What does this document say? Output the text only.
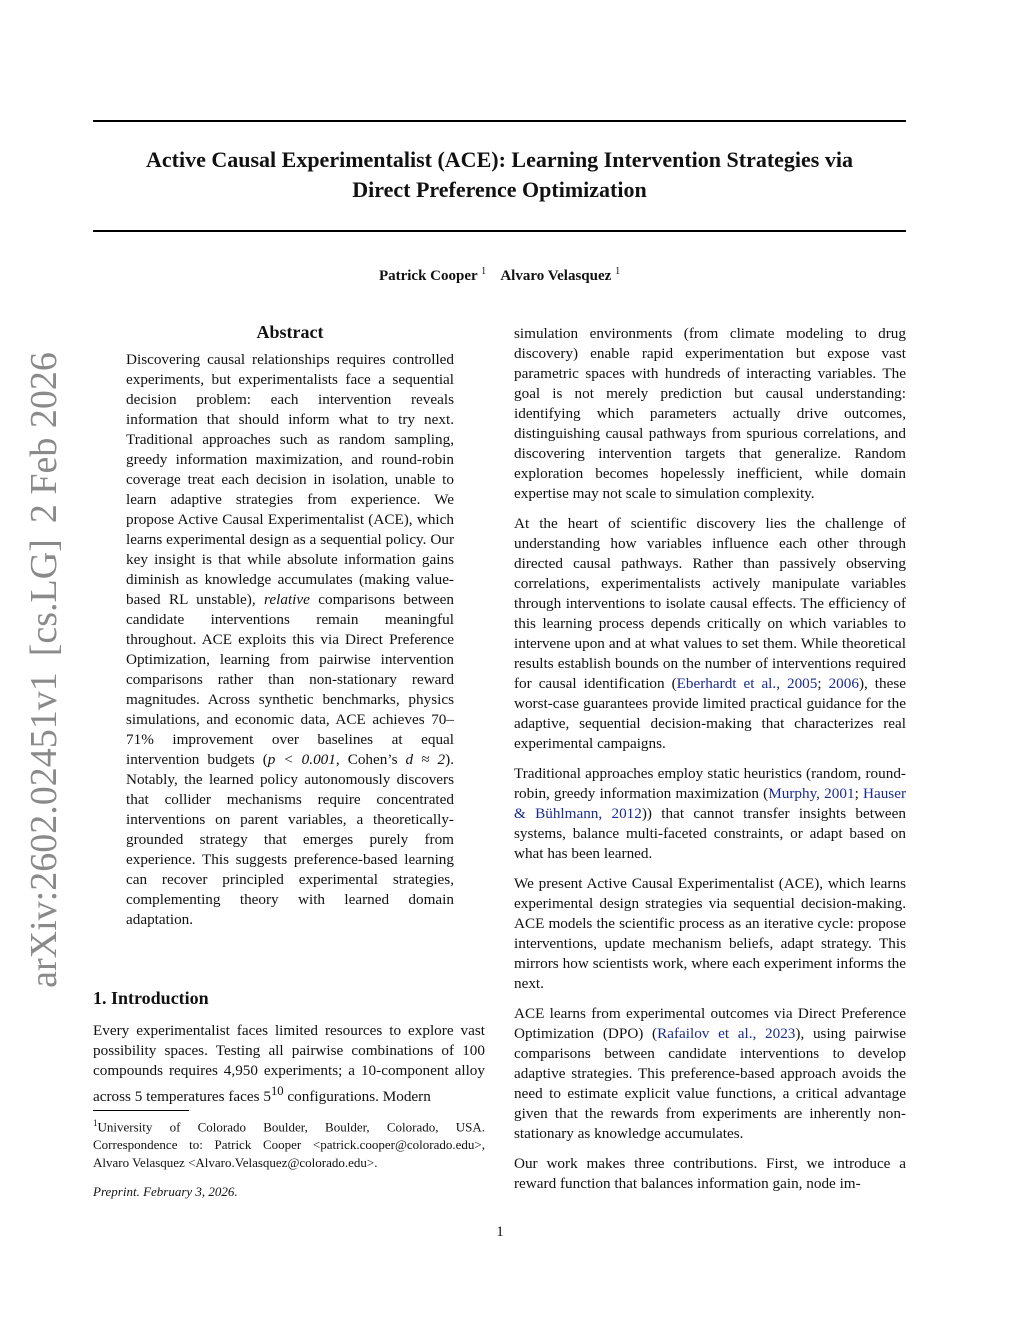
Active Causal Experimentalist (ACE): Learning Intervention Strategies via
Direct Preference Optimization
Patrick Cooper $^1$ Alvaro Velasquez $^1$
arXiv:2602.02451v1
[cs.LG]
2 Feb 2026
Abstract

Discovering causal relationships requires controlled experiments, but experimentalists face a sequential decision problem: each intervention reveals information that should inform what to try next. Traditional approaches such as random sampling, greedy information maximization, and round-robin coverage treat each decision in isolation, unable to learn adaptive strategies from experience. We propose Active Causal Experimentalist (ACE), which learns experimental design as a sequential policy. Our key insight is that while absolute information gains diminish as knowledge accumulates (making value-based RL unstable), relative comparisons between candidate interventions remain meaningful throughout. ACE exploits this via Direct Preference Optimization, learning from pairwise intervention comparisons rather than non-stationary reward magnitudes. Across synthetic benchmarks, physics simulations, and economic data, ACE achieves 70–71% improvement over baselines at equal intervention budgets (p < 0.001, Cohen’s d ≈ 2). Notably, the learned policy autonomously discovers that collider mechanisms require concentrated interventions on parent variables, a theoretically-grounded strategy that emerges purely from experience. This suggests preference-based learning can recover principled experimental strategies, complementing theory with learned domain adaptation.

1. Introduction

Every experimentalist faces limited resources to explore vast possibility spaces. Testing all pairwise combinations of 100 compounds requires 4,950 experiments; a 10-component alloy across 5 temperatures faces $5^{10}$ configurations. Modern

$^1$University of Colorado Boulder, Boulder, Colorado, USA. Correspondence to: Patrick Cooper <patrick.cooper@colorado.edu>, Alvaro Velasquez <Alvaro.Velasquez@colorado.edu>.

Preprint. February 3, 2026.

simulation environments (from climate modeling to drug discovery) enable rapid experimentation but expose vast parametric spaces with hundreds of interacting variables. The goal is not merely prediction but causal understanding: identifying which parameters actually drive outcomes, distinguishing causal pathways from spurious correlations, and discovering intervention targets that generalize. Random exploration becomes hopelessly inefficient, while domain expertise may not scale to simulation complexity.

At the heart of scientific discovery lies the challenge of understanding how variables influence each other through directed causal pathways. Rather than passively observing correlations, experimentalists actively manipulate variables through interventions to isolate causal effects. The efficiency of this learning process depends critically on which variables to intervene upon and at what values to set them. While theoretical results establish bounds on the number of interventions required for causal identification (Eberhardt et al., 2005; 2006), these worst-case guarantees provide limited practical guidance for the adaptive, sequential decision-making that characterizes real experimental campaigns.

Traditional approaches employ static heuristics (random, round-robin, greedy information maximization (Murphy, 2001; Hauser & Bühlmann, 2012)) that cannot transfer insights between systems, balance multi-faceted constraints, or adapt based on what has been learned.

We present Active Causal Experimentalist (ACE), which learns experimental design strategies via sequential decision-making. ACE models the scientific process as an iterative cycle: propose interventions, update mechanism beliefs, adapt strategy. This mirrors how scientists work, where each experiment informs the next.

ACE learns from experimental outcomes via Direct Preference Optimization (DPO) (Rafailov et al., 2023), using pairwise comparisons between candidate interventions to develop adaptive strategies. This preference-based approach avoids the need to estimate explicit value functions, a critical advantage given that the rewards from experiments are inherently non-stationary as knowledge accumulates.

Our work makes three contributions. First, we introduce a reward function that balances information gain, node im-

1
